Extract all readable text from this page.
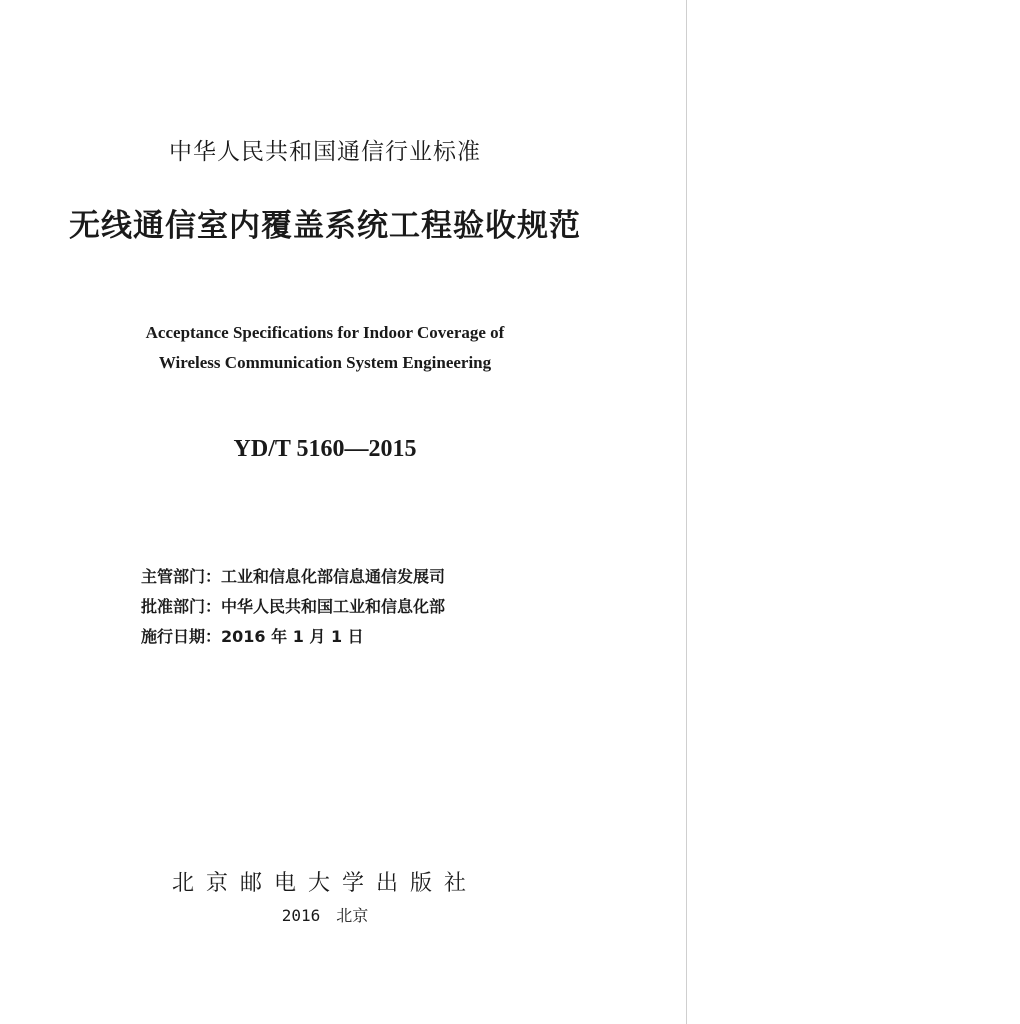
中华人民共和国通信行业标准
无线通信室内覆盖系统工程验收规范
Acceptance Specifications for Indoor Coverage of
Wireless Communication System Engineering
YD/T 5160—2015
主管部门： 工业和信息化部信息通信发展司
批准部门： 中华人民共和国工业和信息化部
施行日期： 2016 年 1 月 1 日
北京邮电大学出版社
2016　北京
